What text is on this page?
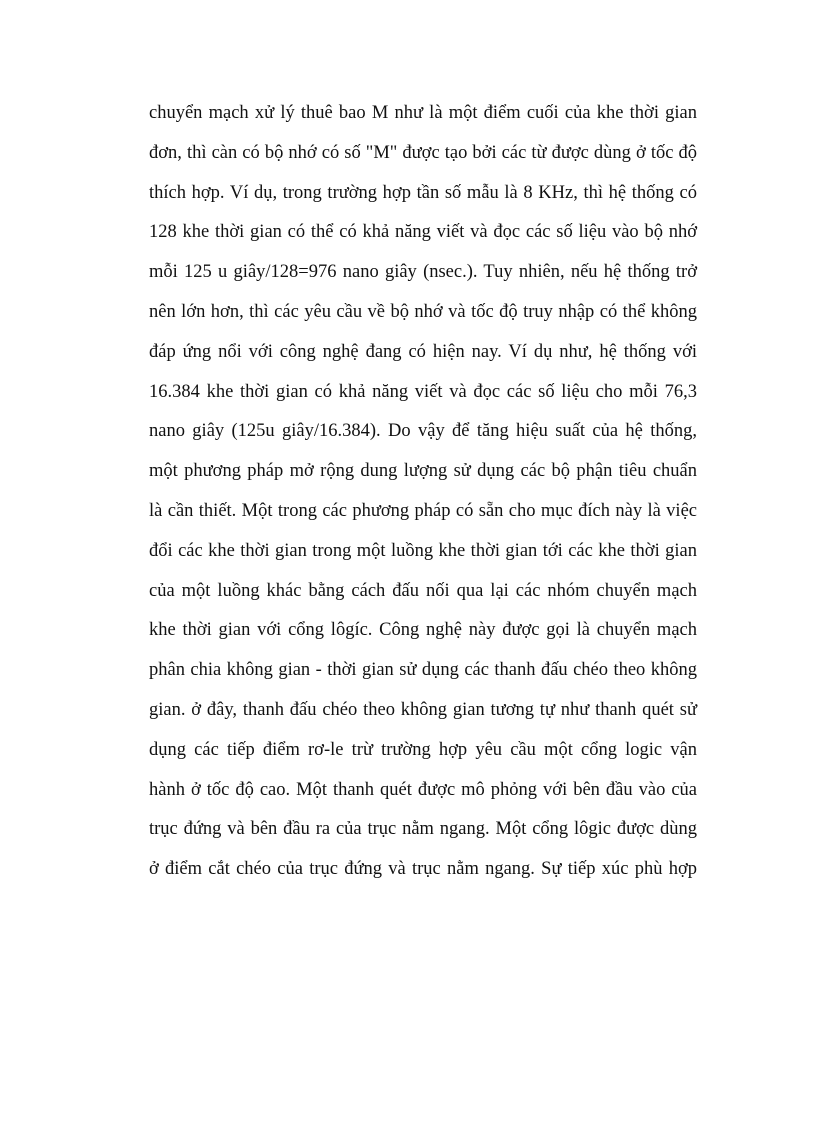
chuyển mạch xử lý thuê bao M như là một điểm cuối của khe thời gian
đơn, thì càn có bộ nhớ có số "M" được tạo bởi các từ được dùng ở tốc độ
thích hợp. Ví dụ, trong trường hợp tần số mẫu là 8 KHz, thì hệ thống có
128 khe thời gian có thể có khả năng viết và đọc các số liệu vào bộ nhớ
mỗi 125 u giây/128=976 nano giây (nsec.). Tuy nhiên, nếu hệ thống trở
nên lớn hơn, thì các yêu cầu về bộ nhớ và tốc độ truy nhập có thể không
đáp ứng nổi với công nghệ đang có hiện nay. Ví dụ như, hệ thống với
16.384 khe thời gian có khả năng viết và đọc các số liệu cho mỗi 76,3
nano giây (125u giây/16.384). Do vậy để tăng hiệu suất của hệ thống,
một phương pháp mở rộng dung lượng sử dụng các bộ phận tiêu chuẩn
là cần thiết. Một trong các phương pháp có sẵn cho mục đích này là việc
đổi các khe thời gian trong một luồng khe thời gian tới các khe thời gian
của một luồng khác bằng cách đấu nối qua lại các nhóm chuyển mạch
khe thời gian với cổng lôgíc. Công nghệ này được gọi là chuyển mạch
phân chia không gian - thời gian sử dụng các thanh đấu chéo theo không
gian. ở đây, thanh đấu chéo theo không gian tương tự như thanh quét sử
dụng các tiếp điểm rơ-le trừ trường hợp yêu cầu một cổng logic vận
hành ở tốc độ cao. Một thanh quét được mô phỏng với bên đầu vào của
trục đứng và bên đầu ra của trục nằm ngang. Một cổng lôgic được dùng
ở điểm cắt chéo của trục đứng và trục nằm ngang. Sự tiếp xúc phù hợp
